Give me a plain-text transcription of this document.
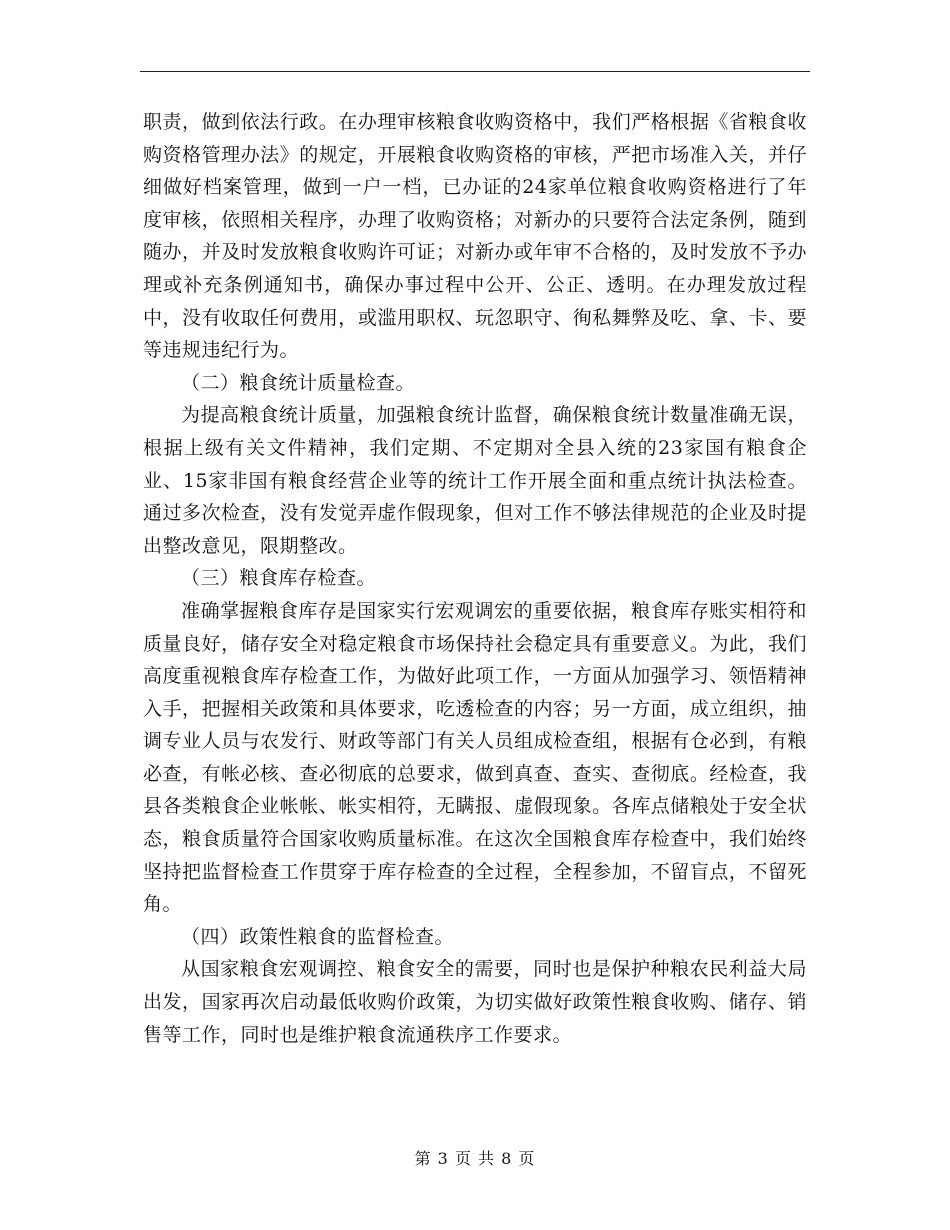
职责，做到依法行政。在办理审核粮食收购资格中，我们严格根据《省粮食收购资格管理办法》的规定，开展粮食收购资格的审核，严把市场准入关，并仔细做好档案管理，做到一户一档，已办证的24家单位粮食收购资格进行了年度审核，依照相关程序，办理了收购资格；对新办的只要符合法定条例，随到随办，并及时发放粮食收购许可证；对新办或年审不合格的，及时发放不予办理或补充条例通知书，确保办事过程中公开、公正、透明。在办理发放过程中，没有收取任何费用，或滥用职权、玩忽职守、徇私舞弊及吃、拿、卡、要等违规违纪行为。

（二）粮食统计质量检查。

为提高粮食统计质量，加强粮食统计监督，确保粮食统计数量准确无误，根据上级有关文件精神，我们定期、不定期对全县入统的23家国有粮食企业、15家非国有粮食经营企业等的统计工作开展全面和重点统计执法检查。通过多次检查，没有发觉弄虚作假现象，但对工作不够法律规范的企业及时提出整改意见，限期整改。

（三）粮食库存检查。

准确掌握粮食库存是国家实行宏观调宏的重要依据，粮食库存账实相符和质量良好，储存安全对稳定粮食市场保持社会稳定具有重要意义。为此，我们高度重视粮食库存检查工作，为做好此项工作，一方面从加强学习、领悟精神入手，把握相关政策和具体要求，吃透检查的内容；另一方面，成立组织，抽调专业人员与农发行、财政等部门有关人员组成检查组，根据有仓必到，有粮必查，有帐必核、查必彻底的总要求，做到真查、查实、查彻底。经检查，我县各类粮食企业帐帐、帐实相符，无瞒报、虚假现象。各库点储粮处于安全状态，粮食质量符合国家收购质量标准。在这次全国粮食库存检查中，我们始终坚持把监督检查工作贯穿于库存检查的全过程，全程参加，不留盲点，不留死角。

（四）政策性粮食的监督检查。

从国家粮食宏观调控、粮食安全的需要，同时也是保护种粮农民利益大局出发，国家再次启动最低收购价政策，为切实做好政策性粮食收购、储存、销售等工作，同时也是维护粮食流通秩序工作要求。

第 3 页 共 8 页
